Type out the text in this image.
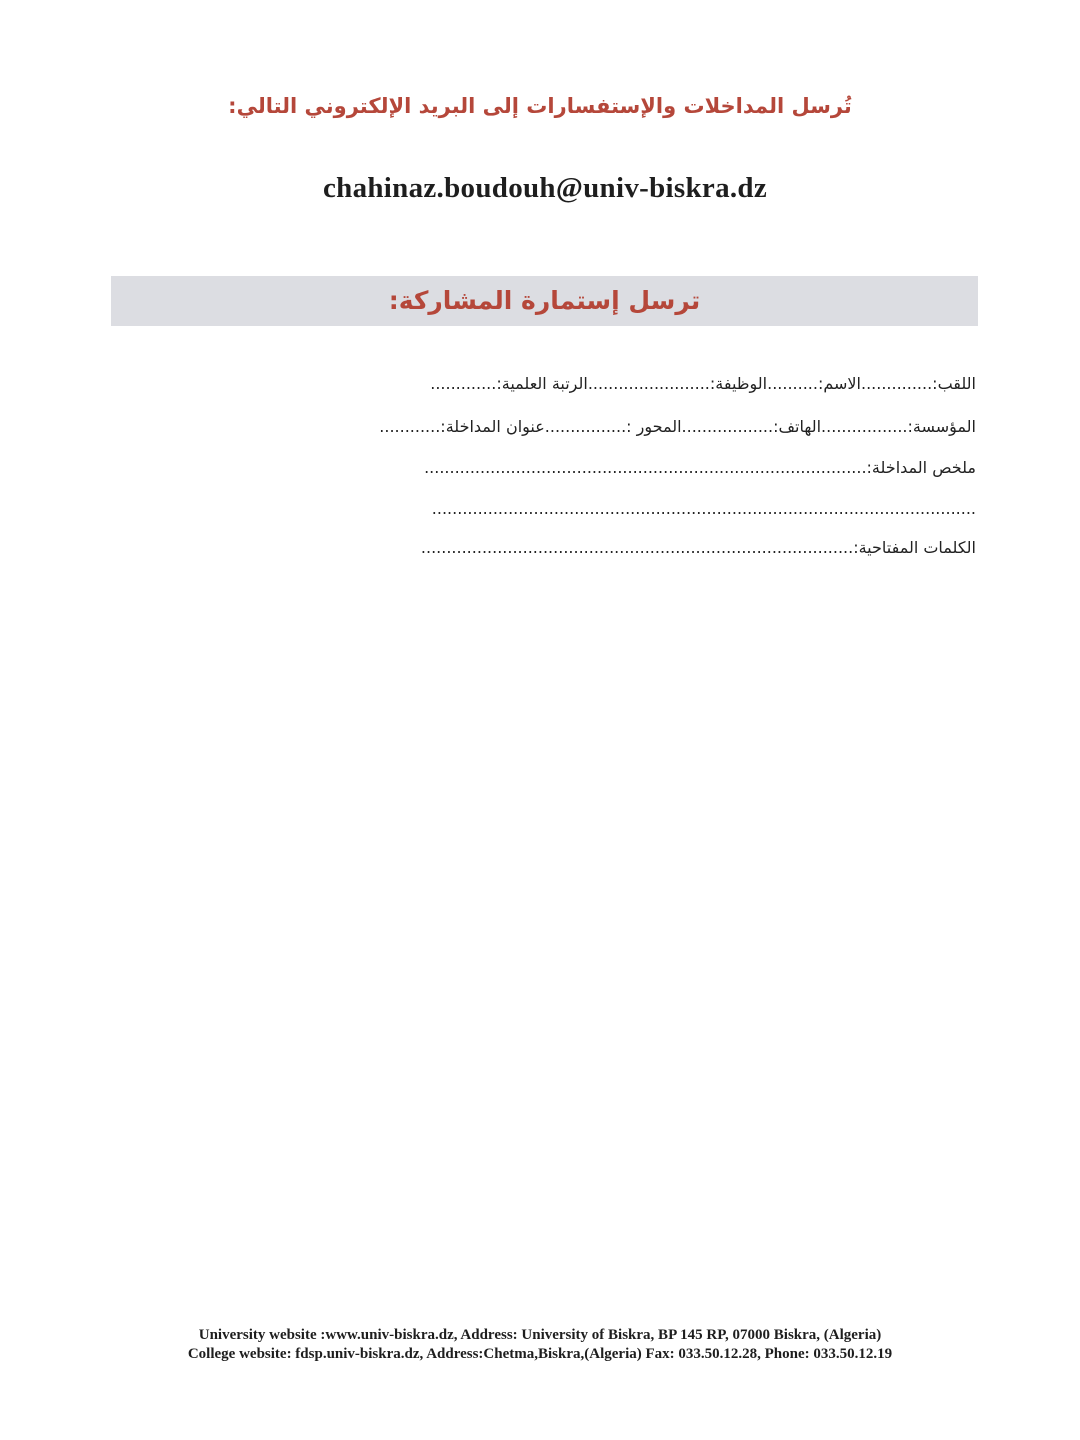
تُرسل المداخلات والإستفسارات إلى البريد الإلكتروني التالي:
chahinaz.boudouh@univ-biskra.dz
ترسل إستمارة المشاركة:
اللقب:..............الاسم:..........الوظيفة:........................الرتبة العلمية:.............
المؤسسة:.................الهاتف:..................المحور :................عنوان المداخلة:............
ملخص المداخلة:.......................................................................................
...........................................................................................................
الكلمات المفتاحية:.....................................................................................
University website :www.univ-biskra.dz, Address: University of Biskra, BP 145 RP, 07000 Biskra, (Algeria)
College website: fdsp.univ-biskra.dz, Address:Chetma,Biskra,(Algeria) Fax: 033.50.12.28, Phone: 033.50.12.19
